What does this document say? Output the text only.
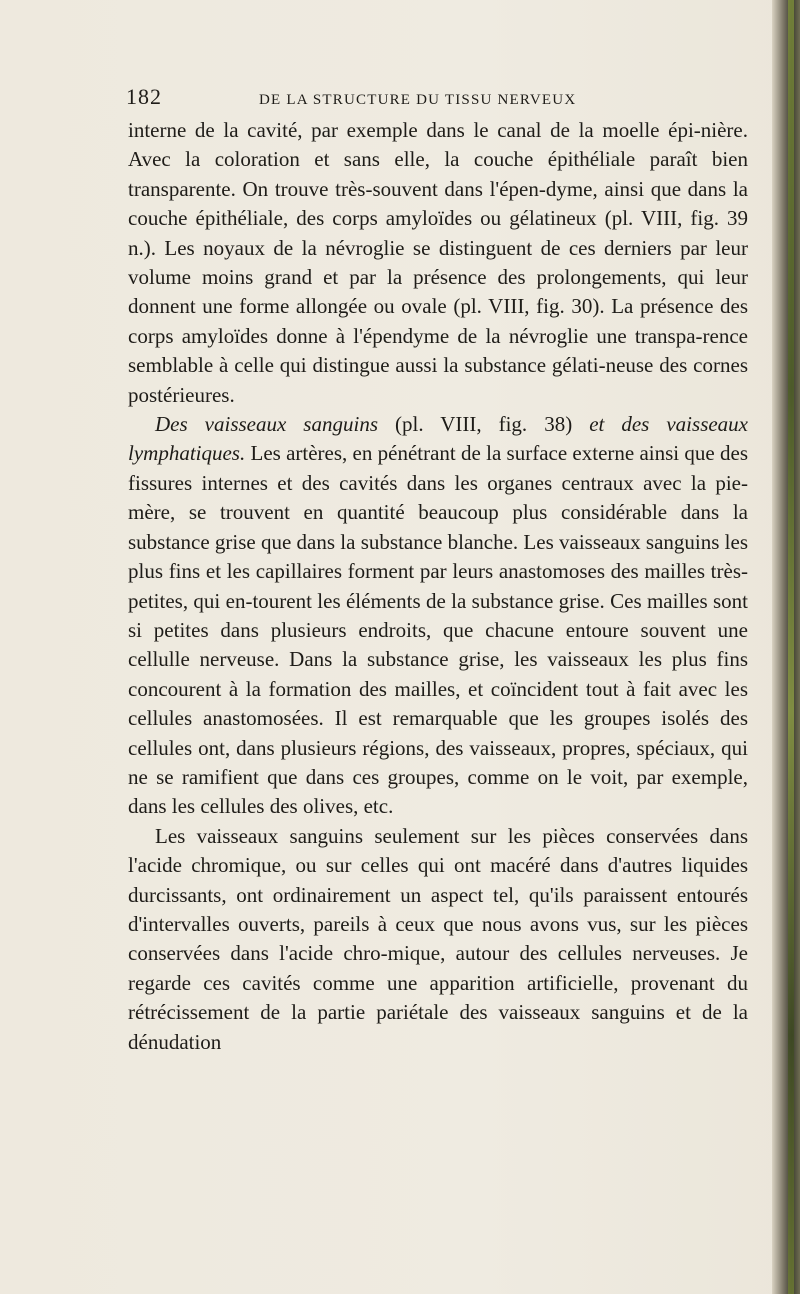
182	DE LA STRUCTURE DU TISSU NERVEUX

interne de la cavité, par exemple dans le canal de la moelle épi-nière. Avec la coloration et sans elle, la couche épithéliale paraît bien transparente. On trouve très-souvent dans l'épen-dyme, ainsi que dans la couche épithéliale, des corps amyloïdes ou gélatineux (pl. VIII, fig. 39 n.). Les noyaux de la névroglie se distinguent de ces derniers par leur volume moins grand et par la présence des prolongements, qui leur donnent une forme allongée ou ovale (pl. VIII, fig. 30). La présence des corps amyloïdes donne à l'épendyme de la névroglie une transpa-rence semblable à celle qui distingue aussi la substance gélati-neuse des cornes postérieures.

Des vaisseaux sanguins (pl. VIII, fig. 38) et des vaisseaux lymphatiques. Les artères, en pénétrant de la surface externe ainsi que des fissures internes et des cavités dans les organes centraux avec la pie-mère, se trouvent en quantité beaucoup plus considérable dans la substance grise que dans la substance blanche. Les vaisseaux sanguins les plus fins et les capillaires forment par leurs anastomoses des mailles très-petites, qui en-tourent les éléments de la substance grise. Ces mailles sont si petites dans plusieurs endroits, que chacune entoure souvent une cellulle nerveuse. Dans la substance grise, les vaisseaux les plus fins concourent à la formation des mailles, et coïncident tout à fait avec les cellules anastomosées. Il est remarquable que les groupes isolés des cellules ont, dans plusieurs régions, des vaisseaux, propres, spéciaux, qui ne se ramifient que dans ces groupes, comme on le voit, par exemple, dans les cellules des olives, etc.

Les vaisseaux sanguins seulement sur les pièces conservées dans l'acide chromique, ou sur celles qui ont macéré dans d'autres liquides durcissants, ont ordinairement un aspect tel, qu'ils paraissent entourés d'intervalles ouverts, pareils à ceux que nous avons vus, sur les pièces conservées dans l'acide chro-mique, autour des cellules nerveuses. Je regarde ces cavités comme une apparition artificielle, provenant du rétrécissement de la partie pariétale des vaisseaux sanguins et de la dénudation
